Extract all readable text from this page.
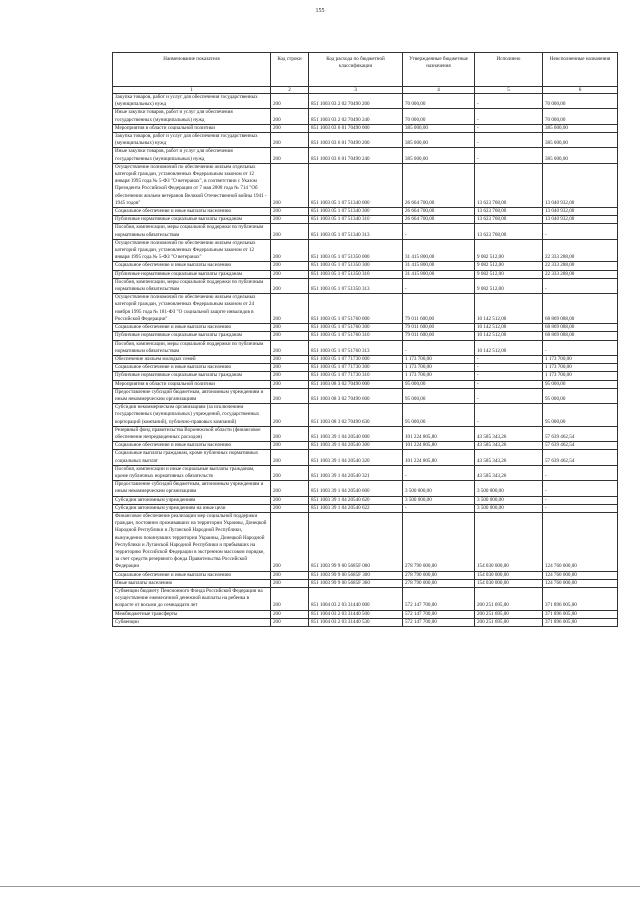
155
Наименование показателя	Код строки	Код расхода по бюджетной классификации	Утвержденные бюджетные назначения	Исполнено	Неисполненные назначения
1	2	3	4	5	6
Закупка товаров, работ и услуг для обеспечения государственных (муниципальных) нужд	200	851 1003 03 2 02 70490 200	70 000,00	-	70 000,00
Иные закупки товаров, работ и услуг для обеспечения государственных (муниципальных) нужд	200	851 1003 03 2 02 70490 240	70 000,00	-	70 000,00
Мероприятия в области социальной политики	200	851 1003 03 6 01 70490 000	385 000,00	-	385 000,00
Закупка товаров, работ и услуг для обеспечения государственных (муниципальных) нужд	200	851 1003 03 6 01 70490 200	385 000,00	-	385 000,00
Иные закупки товаров, работ и услуг для обеспечения государственных (муниципальных) нужд	200	851 1003 03 6 01 70490 240	385 000,00	-	385 000,00
Осуществление полномочий по обеспечению жильем отдельных категорий граждан, установленных Федеральным законом от 12 января 1995 года № 5-ФЗ "О ветеранах", в соответствии с Указом Президента Российской Федерации от 7 мая 2008 года № 714 "Об обеспечении жильем ветеранов Великой Отечественной войны 1941 - 1945 годов"	200	851 1003 05 1 07 51340 000	26 664 700,00	13 623 768,00	13 040 932,00
Социальное обеспечение и иные выплаты населению	200	851 1003 05 1 07 51340 300	26 664 700,00	13 623 768,00	13 040 932,00
Публичные нормативные социальные выплаты гражданам	200	851 1003 05 1 07 51340 310	26 664 700,00	13 623 768,00	13 040 932,00
Пособия, компенсации, меры социальной поддержки по публичным нормативным обязательствам	200	851 1003 05 1 07 51340 313	-	13 623 768,00	-
Осуществление полномочий по обеспечению жильем отдельных категорий граждан, установленных Федеральным законом от 12 января 1995 года № 5-ФЗ "О ветеранах"	200	851 1003 05 1 07 51350 000	31 415 800,00	9 082 512,00	22 333 288,00
Социальное обеспечение и иные выплаты населению	200	851 1003 05 1 07 51350 300	31 415 800,00	9 082 512,00	22 333 288,00
Публичные нормативные социальные выплаты гражданам	200	851 1003 05 1 07 51350 310	31 415 800,00	9 082 512,00	22 333 288,00
Пособия, компенсации, меры социальной поддержки по публичным нормативным обязательствам	200	851 1003 05 1 07 51350 313	-	9 082 512,00	-
Осуществление полномочий по обеспечению жильем отдельных категорий граждан, установленных Федеральным законом от 24 ноября 1995 года № 181-ФЗ "О социальной защите инвалидов в Российской Федерации"	200	851 1003 05 1 07 51760 000	79 011 600,00	10 142 512,00	68 869 088,00
Социальное обеспечение и иные выплаты населению	200	851 1003 05 1 07 51760 300	79 011 600,00	10 142 512,00	68 869 088,00
Публичные нормативные социальные выплаты гражданам	200	851 1003 05 1 07 51760 310	79 011 600,00	10 142 512,00	68 869 088,00
Пособия, компенсации, меры социальной поддержки по публичным нормативным обязательствам	200	851 1003 05 1 07 51760 313	-	10 142 512,00	-
Обеспечение жильем молодых семей	200	851 1003 05 1 07 71730 000	1 173 700,00	-	1 173 700,00
Социальное обеспечение и иные выплаты населению	200	851 1003 05 1 07 71730 300	1 173 700,00	-	1 173 700,00
Публичные нормативные социальные выплаты гражданам	200	851 1003 05 1 07 71730 310	1 173 700,00	-	1 173 700,00
Мероприятия в области социальной политики	200	851 1003 08 3 02 70490 000	95 000,00	-	95 000,00
Предоставление субсидий бюджетным, автономным учреждениям и иным некоммерческим организациям	200	851 1003 08 3 02 70490 600	95 000,00	-	95 000,00
Субсидии некоммерческим организациям (за исключением государственных (муниципальных) учреждений, государственных корпораций (компаний), публично-правовых компаний)	200	851 1003 08 3 02 70490 630	95 000,00	-	95 000,00
Резервный фонд правительства Воронежской области (финансовое обеспечение непредвиденных расходов)	200	851 1003 39 1 04 20540 000	101 224 805,80	43 585 343,26	57 639 462,54
Социальное обеспечение и иные выплаты населению	200	851 1003 39 1 04 20540 300	101 224 805,80	43 585 343,26	57 639 462,54
Социальные выплаты гражданам, кроме публичных нормативных социальных выплат	200	851 1003 39 1 04 20540 320	101 224 805,80	43 585 343,26	57 639 462,54
Пособия, компенсации и иные социальные выплаты гражданам, кроме публичных нормативных обязательств	200	851 1003 39 1 04 20540 321	-	43 585 343,26	-
Предоставление субсидий бюджетным, автономным учреждениям и иным некоммерческим организациям	200	851 1003 39 1 04 20540 600	3 500 000,00	3 500 000,00	-
Субсидии автономным учреждениям	200	851 1003 39 1 04 20540 620	3 500 000,00	3 500 000,00	-
Субсидии автономным учреждениям на иные цели	200	851 1003 39 1 04 20540 622	-	3 500 000,00	-
Финансовое обеспечение реализации мер социальной поддержки граждан, постоянно проживавших на территории Украины, Донецкой Народной Республики и Луганской Народной Республики, вынужденно покинувших территории Украины, Донецкой Народной Республики и Луганской Народной Республики и прибывших на территорию Российской Федерации в экстренном массовом порядке, за счет средств резервного фонда Правительства Российской Федерации	200	851 1003 99 9 00 5685F 000	278 790 000,00	154 030 000,00	124 760 000,00
Социальное обеспечение и иные выплаты населению	200	851 1003 99 9 00 5685F 300	278 790 000,00	154 030 000,00	124 760 000,00
Иные выплаты населению	200	851 1003 99 9 00 5685F 360	278 790 000,00	154 030 000,00	124 760 000,00
Субвенции бюджету Пенсионного Фонда Российской Федерации на осуществление ежемесячной денежной выплаты на ребенка в возрасте от восьми до семнадцати лет	200	851 1004 03 2 03 31440 000	572 147 700,00	200 251 695,00	371 896 005,00
Межбюджетные трансферты	200	851 1004 03 2 03 31440 500	572 147 700,00	200 251 695,00	371 896 005,00
Субвенции	200	851 1004 03 2 03 31440 530	572 147 700,00	200 251 695,00	371 896 005,00
